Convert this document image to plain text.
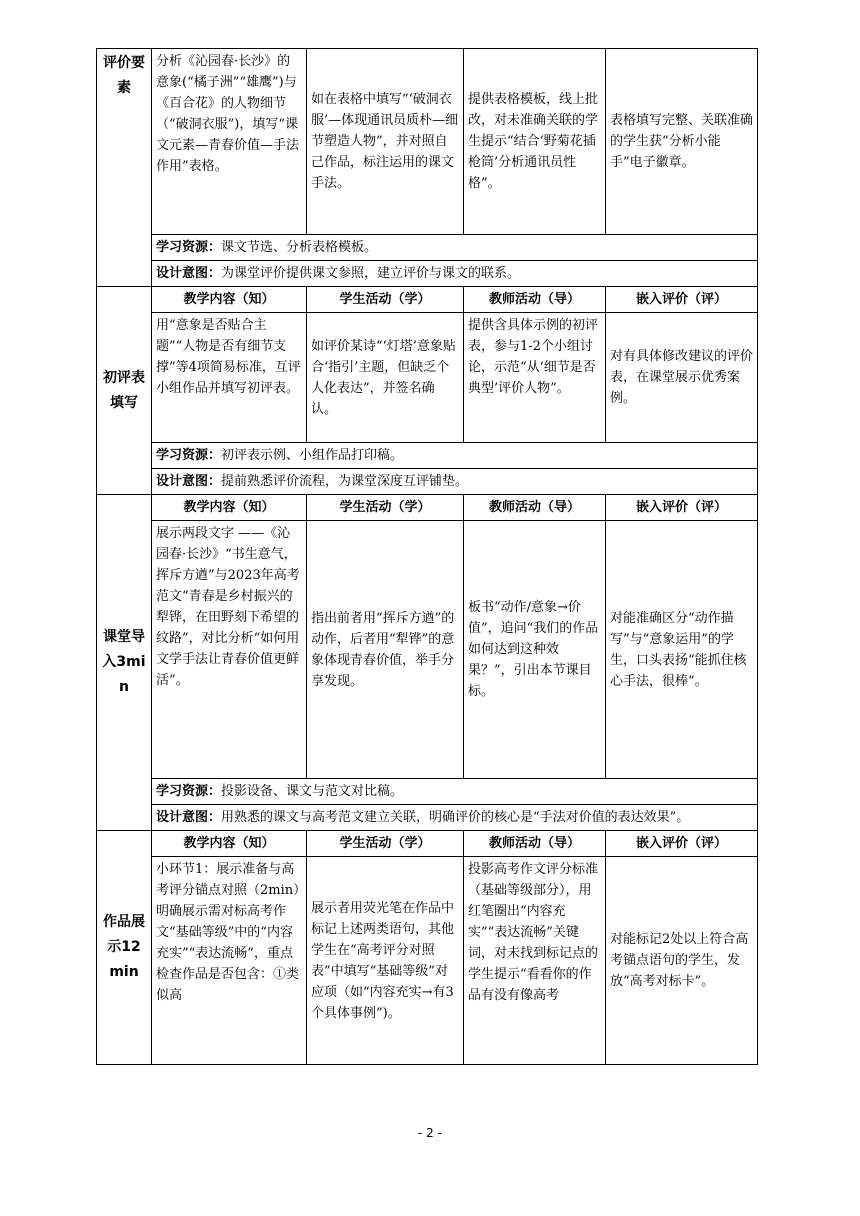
评价要素	分析《沁园春·长沙》的意象(“橘子洲”“雄鹰”)与《百合花》的人物细节（“破洞衣服”)，填写“课文元素—青春价值—手法作用”表格。	如在表格中填写“‘破洞衣服’—体现通讯员质朴—细节塑造人物”，并对照自己作品，标注运用的课文手法。	提供表格模板，线上批改，对未准确关联的学生提示“结合‘野菊花插枪筒’分析通讯员性格”。	表格填写完整、关联准确的学生获“分析小能手”电子徽章。
	学习资源：课文节选、分析表格模板。			
	设计意图：为课堂评价提供课文参照，建立评价与课文的联系。			
初评表填写	教学内容（知）	学生活动（学）	教师活动（导）	嵌入评价（评）
	用“意象是否贴合主题”“人物是否有细节支撑”等4项简易标准，互评小组作品并填写初评表。	如评价某诗“‘灯塔’意象贴合‘指引’主题，但缺乏个人化表达”，并签名确认。	提供含具体示例的初评表，参与1-2个小组讨论，示范“从‘细节是否典型’评价人物”。	对有具体修改建议的评价表，在课堂展示优秀案例。
	学习资源：初评表示例、小组作品打印稿。			
	设计意图：提前熟悉评价流程，为课堂深度互评铺垫。			
课堂导入3min	教学内容（知）	学生活动（学）	教师活动（导）	嵌入评价（评）
	展示两段文字 ——《沁园春·长沙》“书生意气，挥斥方遒”与2023年高考范文“青春是乡村振兴的犁铧，在田野刻下希望的纹路”，对比分析“如何用文学手法让青春价值更鲜活”。	指出前者用“挥斥方遒”的动作，后者用“犁铧”的意象体现青春价值，举手分享发现。	板书“动作/意象→价值”，追问“我们的作品如何达到这种效果？”，引出本节课目标。	对能准确区分“动作描写”与“意象运用”的学生，口头表扬“能抓住核心手法，很棒”。
	学习资源：投影设备、课文与范文对比稿。			
	设计意图：用熟悉的课文与高考范文建立关联，明确评价的核心是“手法对价值的表达效果”。			
作品展示12min	教学内容（知）	学生活动（学）	教师活动（导）	嵌入评价（评）
	小环节1：展示准备与高考评分锚点对照（2min）明确展示需对标高考作文“基础等级”中的“内容充实”“表达流畅”，重点检查作品是否包含：①类似高	展示者用荧光笔在作品中标记上述两类语句，其他学生在“高考评分对照表”中填写“基础等级”对应项（如“内容充实→有3个具体事例”)。	投影高考作文评分标准（基础等级部分），用红笔圈出“内容充实”“表达流畅”关键词，对未找到标记点的学生提示“看看你的作品有没有像高考	对能标记2处以上符合高考锚点语句的学生，发放“高考对标卡”。
- 2 -
